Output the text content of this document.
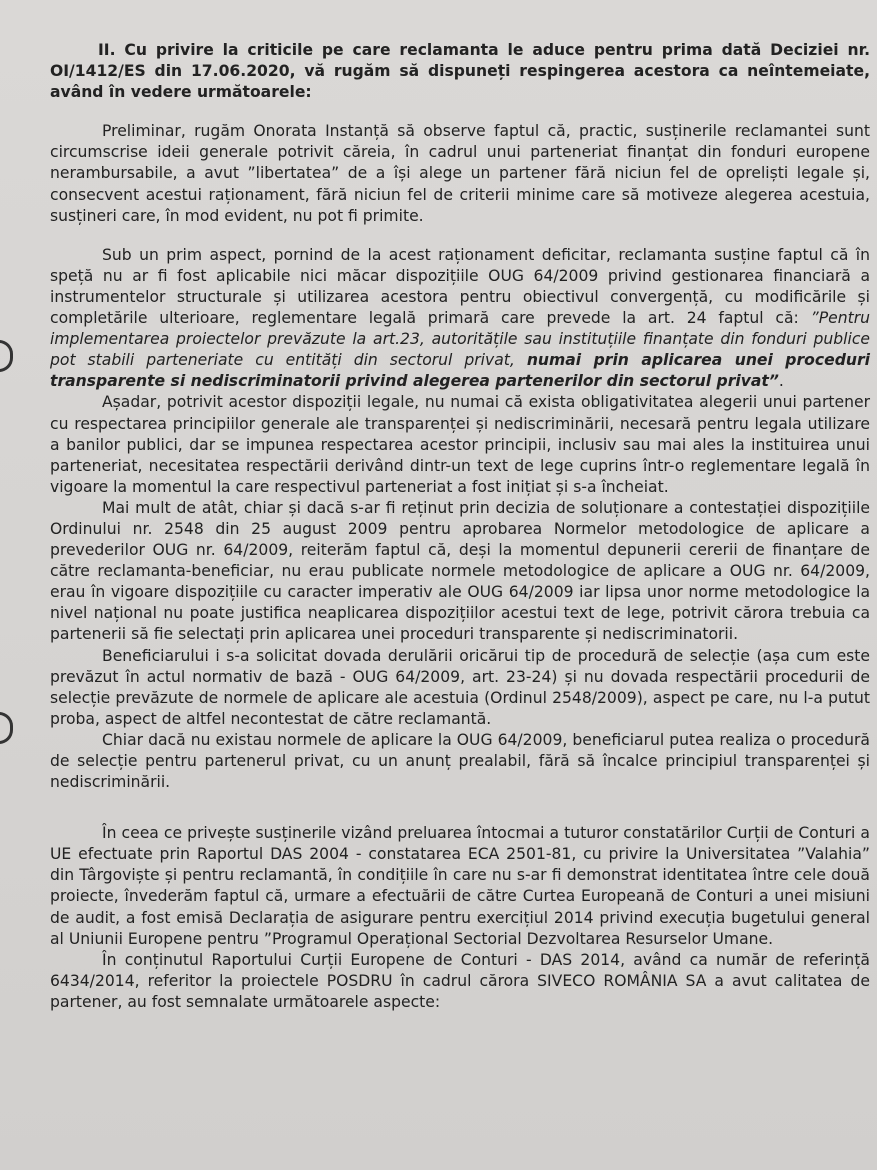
II. Cu privire la criticile pe care reclamanta le aduce pentru prima dată Deciziei nr. OI/1412/ES din 17.06.2020, vă rugăm să dispuneți respingerea acestora ca neîntemeiate, având în vedere următoarele:

Preliminar, rugăm Onorata Instanță să observe faptul că, practic, susținerile reclamantei sunt circumscrise ideii generale potrivit căreia, în cadrul unui parteneriat finanțat din fonduri europene nerambursabile, a avut ”libertatea” de a își alege un partener fără niciun fel de opreliști legale și, consecvent acestui raționament, fără niciun fel de criterii minime care să motiveze alegerea acestuia, susțineri care, în mod evident, nu pot fi primite.

Sub un prim aspect, pornind de la acest raționament deficitar, reclamanta susține faptul că în speță nu ar fi fost aplicabile nici măcar dispozițiile OUG 64/2009 privind gestionarea financiară a instrumentelor structurale și utilizarea acestora pentru obiectivul convergență, cu modificările și completările ulterioare, reglementare legală primară care prevede la art. 24 faptul că: ”Pentru implementarea proiectelor prevăzute la art.23, autoritățile sau instituțiile finanțate din fonduri publice pot stabili parteneriate cu entități din sectorul privat, numai prin aplicarea unei proceduri transparente si nediscriminatorii privind alegerea partenerilor din sectorul privat”.

Așadar, potrivit acestor dispoziții legale, nu numai că exista obligativitatea alegerii unui partener cu respectarea principiilor generale ale transparenței și nediscriminării, necesară pentru legala utilizare a banilor publici, dar se impunea respectarea acestor principii, inclusiv sau mai ales la instituirea unui parteneriat, necesitatea respectării derivând dintr-un text de lege cuprins într-o reglementare legală în vigoare la momentul la care respectivul parteneriat a fost inițiat și s-a încheiat.

Mai mult de atât, chiar și dacă s-ar fi reținut prin decizia de soluționare a contestației dispozițiile Ordinului nr. 2548 din 25 august 2009 pentru aprobarea Normelor metodologice de aplicare a prevederilor OUG nr. 64/2009, reiterăm faptul că, deși la momentul depunerii cererii de finanțare de către reclamanta-beneficiar, nu erau publicate normele metodologice de aplicare a OUG nr. 64/2009, erau în vigoare dispozițiile cu caracter imperativ ale OUG 64/2009 iar lipsa unor norme metodologice la nivel național nu poate justifica neaplicarea dispozițiilor acestui text de lege, potrivit cărora trebuia ca partenerii să fie selectați prin aplicarea unei proceduri transparente și nediscriminatorii.

Beneficiarului i s-a solicitat dovada derulării oricărui tip de procedură de selecție (așa cum este prevăzut în actul normativ de bază - OUG 64/2009, art. 23-24) și nu dovada respectării procedurii de selecție prevăzute de normele de aplicare ale acestuia (Ordinul 2548/2009), aspect pe care, nu l-a putut proba, aspect de altfel necontestat de către reclamantă.

Chiar dacă nu existau normele de aplicare la OUG 64/2009, beneficiarul putea realiza o procedură de selecție pentru partenerul privat, cu un anunț prealabil, fără să încalce principiul transparenței și nediscriminării.

În ceea ce privește susținerile vizând preluarea întocmai a tuturor constatărilor Curții de Conturi a UE efectuate prin Raportul DAS 2004 - constatarea ECA 2501-81, cu privire la Universitatea ”Valahia” din Târgoviște și pentru reclamantă, în condițiile în care nu s-ar fi demonstrat identitatea între cele două proiecte, învederăm faptul că, urmare a efectuării de către Curtea Europeană de Conturi a unei misiuni de audit, a fost emisă Declarația de asigurare pentru exercițiul 2014 privind execuția bugetului general al Uniunii Europene pentru ”Programul Operațional Sectorial Dezvoltarea Resurselor Umane.

În conținutul Raportului Curții Europene de Conturi - DAS 2014, având ca număr de referință 6434/2014, referitor la proiectele POSDRU în cadrul cărora SIVECO ROMÂNIA SA a avut calitatea de partener, au fost semnalate următoarele aspecte:
